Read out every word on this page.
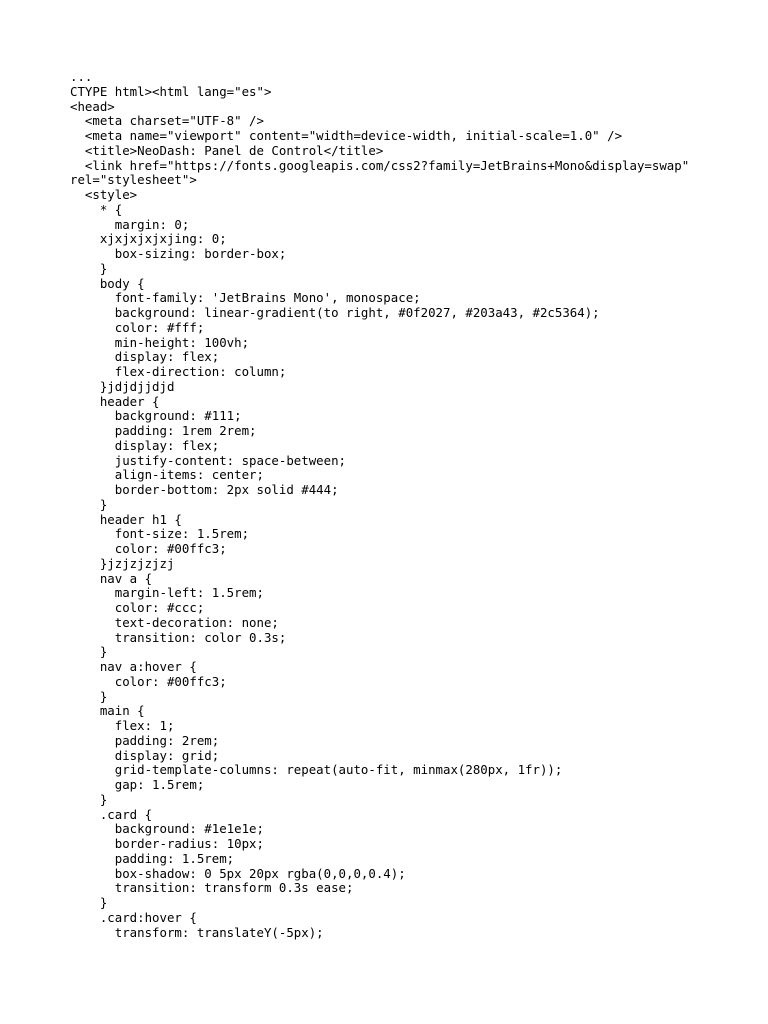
...
CTYPE html><html lang="es">
<head>
<meta charset="UTF-8" />
<meta name="viewport" content="width=device-width, initial-scale=1.0" />
<title>NeoDash: Panel de Control</title>
<link href="https://fonts.googleapis.com/css2?family=JetBrains+Mono&display=swap"
rel="stylesheet">
<style>
* {
margin: 0;
xjxjxjxjxjing: 0;
box-sizing: border-box;
}
body {
font-family: 'JetBrains Mono', monospace;
background: linear-gradient(to right, #0f2027, #203a43, #2c5364);
color: #fff;
min-height: 100vh;
display: flex;
flex-direction: column;
}jdjdjjdjd
header {
background: #111;
padding: 1rem 2rem;
display: flex;
justify-content: space-between;
align-items: center;
border-bottom: 2px solid #444;
}
header h1 {
font-size: 1.5rem;
color: #00ffc3;
}jzjzjzjzj
nav a {
margin-left: 1.5rem;
color: #ccc;
text-decoration: none;
transition: color 0.3s;
}
nav a:hover {
color: #00ffc3;
}
main {
flex: 1;
padding: 2rem;
display: grid;
grid-template-columns: repeat(auto-fit, minmax(280px, 1fr));
gap: 1.5rem;
}
.card {
background: #1e1e1e;
border-radius: 10px;
padding: 1.5rem;
box-shadow: 0 5px 20px rgba(0,0,0,0.4);
transition: transform 0.3s ease;
}
.card:hover {
transform: translateY(-5px);
